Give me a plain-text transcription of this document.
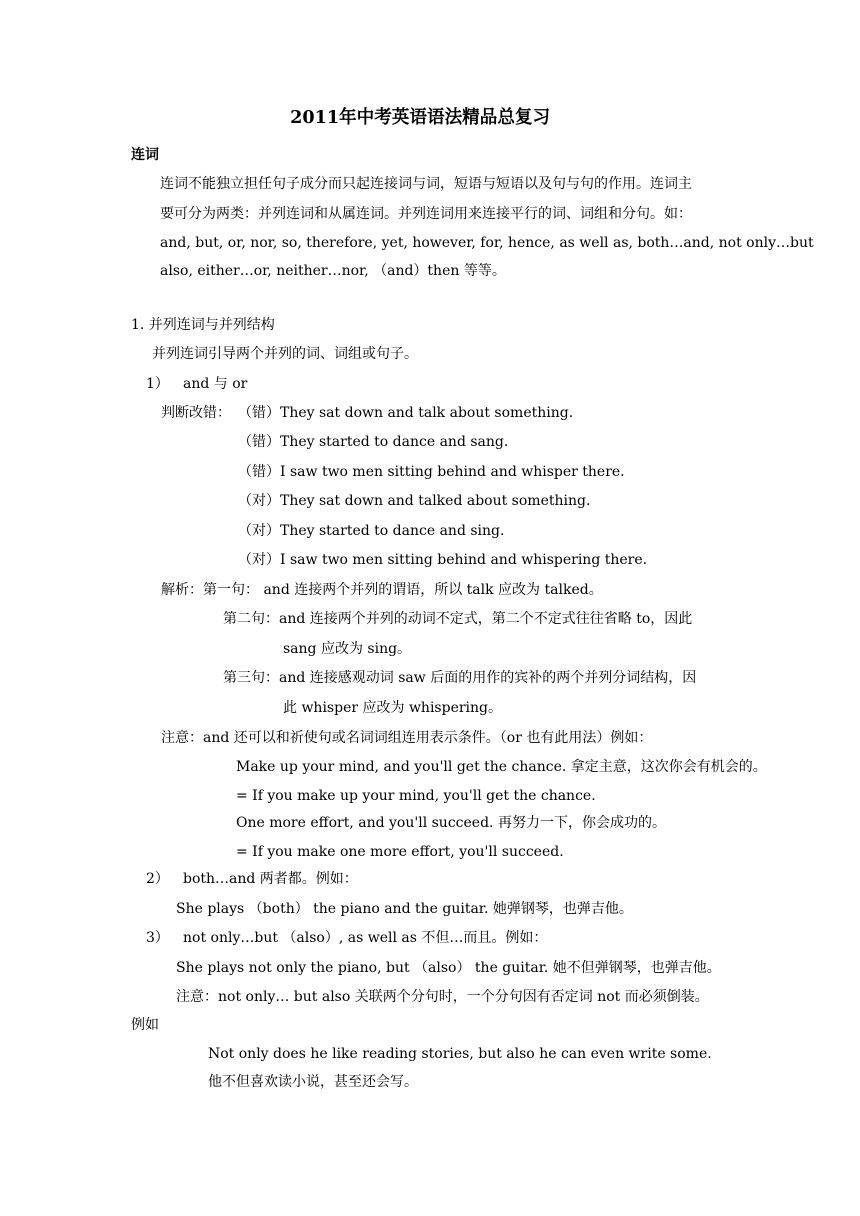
2011年中考英语语法精品总复习
连词
连词不能独立担任句子成分而只起连接词与词，短语与短语以及句与句的作用。连词主
要可分为两类：并列连词和从属连词。并列连词用来连接平行的词、词组和分句。如：
and, but, or, nor, so, therefore, yet, however, for, hence, as well as, both…and, not only…but
also, either…or, neither…nor, （and）then 等等。
1. 并列连词与并列结构
并列连词引导两个并列的词、词组或句子。
1） and 与 or
判断改错： （错）They sat down and talk about something.
（错）They started to dance and sang.
（错）I saw two men sitting behind and whisper there.
（对）They sat down and talked about something.
（对）They started to dance and sing.
（对）I saw two men sitting behind and whispering there.
解析：第一句： and 连接两个并列的谓语，所以 talk 应改为 talked。
第二句：and 连接两个并列的动词不定式，第二个不定式往往省略 to，因此
sang 应改为 sing。
第三句：and 连接感观动词 saw 后面的用作的宾补的两个并列分词结构，因
此 whisper 应改为 whispering。
注意：and 还可以和祈使句或名词词组连用表示条件。（or 也有此用法）例如：
Make up your mind, and you'll get the chance. 拿定主意，这次你会有机会的。
= If you make up your mind, you'll get the chance.
One more effort, and you'll succeed. 再努力一下，你会成功的。
= If you make one more effort, you'll succeed.
2） both…and 两者都。例如：
She plays （both） the piano and the guitar. 她弹钢琴，也弹吉他。
3） not only…but （also）, as well as 不但…而且。例如：
She plays not only the piano, but （also） the guitar. 她不但弹钢琴，也弹吉他。
注意：not only… but also 关联两个分句时，一个分句因有否定词 not 而必须倒装。
例如
Not only does he like reading stories, but also he can even write some.
他不但喜欢读小说，甚至还会写。
